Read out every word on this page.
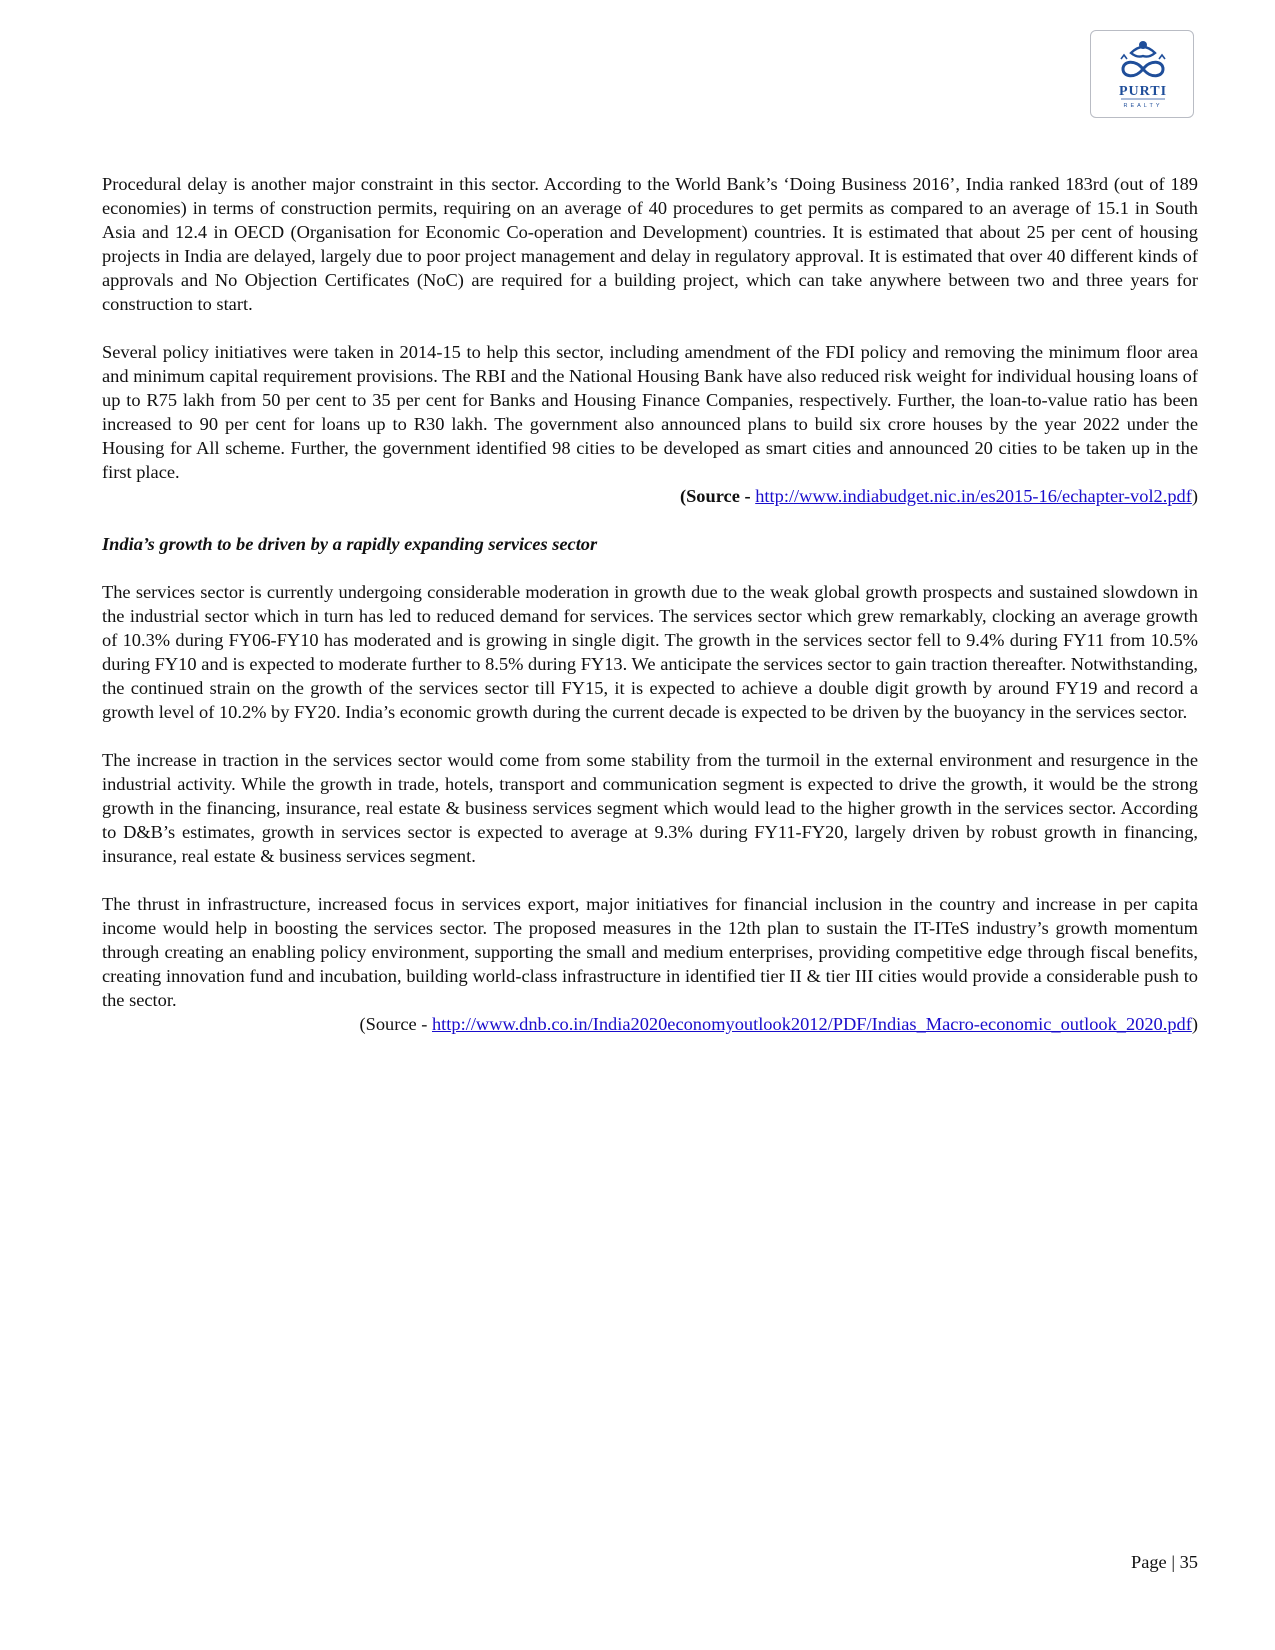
PURTI
REALTY

Procedural delay is another major constraint in this sector. According to the World Bank’s ‘Doing Business 2016’, India ranked 183rd (out of 189 economies) in terms of construction permits, requiring on an average of 40 procedures to get permits as compared to an average of 15.1 in South Asia and 12.4 in OECD (Organisation for Economic Co-operation and Development) countries. It is estimated that about 25 per cent of housing projects in India are delayed, largely due to poor project management and delay in regulatory approval. It is estimated that over 40 different kinds of approvals and No Objection Certificates (NoC) are required for a building project, which can take anywhere between two and three years for construction to start.

Several policy initiatives were taken in 2014-15 to help this sector, including amendment of the FDI policy and removing the minimum floor area and minimum capital requirement provisions. The RBI and the National Housing Bank have also reduced risk weight for individual housing loans of up to R75 lakh from 50 per cent to 35 per cent for Banks and Housing Finance Companies, respectively. Further, the loan-to-value ratio has been increased to 90 per cent for loans up to R30 lakh. The government also announced plans to build six crore houses by the year 2022 under the Housing for All scheme. Further, the government identified 98 cities to be developed as smart cities and announced 20 cities to be taken up in the first place.

(Source - http://www.indiabudget.nic.in/es2015-16/echapter-vol2.pdf)

India’s growth to be driven by a rapidly expanding services sector

The services sector is currently undergoing considerable moderation in growth due to the weak global growth prospects and sustained slowdown in the industrial sector which in turn has led to reduced demand for services. The services sector which grew remarkably, clocking an average growth of 10.3% during FY06-FY10 has moderated and is growing in single digit. The growth in the services sector fell to 9.4% during FY11 from 10.5% during FY10 and is expected to moderate further to 8.5% during FY13. We anticipate the services sector to gain traction thereafter. Notwithstanding, the continued strain on the growth of the services sector till FY15, it is expected to achieve a double digit growth by around FY19 and record a growth level of 10.2% by FY20. India’s economic growth during the current decade is expected to be driven by the buoyancy in the services sector.

The increase in traction in the services sector would come from some stability from the turmoil in the external environment and resurgence in the industrial activity. While the growth in trade, hotels, transport and communication segment is expected to drive the growth, it would be the strong growth in the financing, insurance, real estate & business services segment which would lead to the higher growth in the services sector. According to D&B’s estimates, growth in services sector is expected to average at 9.3% during FY11-FY20, largely driven by robust growth in financing, insurance, real estate & business services segment.

The thrust in infrastructure, increased focus in services export, major initiatives for financial inclusion in the country and increase in per capita income would help in boosting the services sector. The proposed measures in the 12th plan to sustain the IT-ITeS industry’s growth momentum through creating an enabling policy environment, supporting the small and medium enterprises, providing competitive edge through fiscal benefits, creating innovation fund and incubation, building world-class infrastructure in identified tier II & tier III cities would provide a considerable push to the sector.

(Source - http://www.dnb.co.in/India2020economyoutlook2012/PDF/Indias_Macro-economic_outlook_2020.pdf)

Page | 35
